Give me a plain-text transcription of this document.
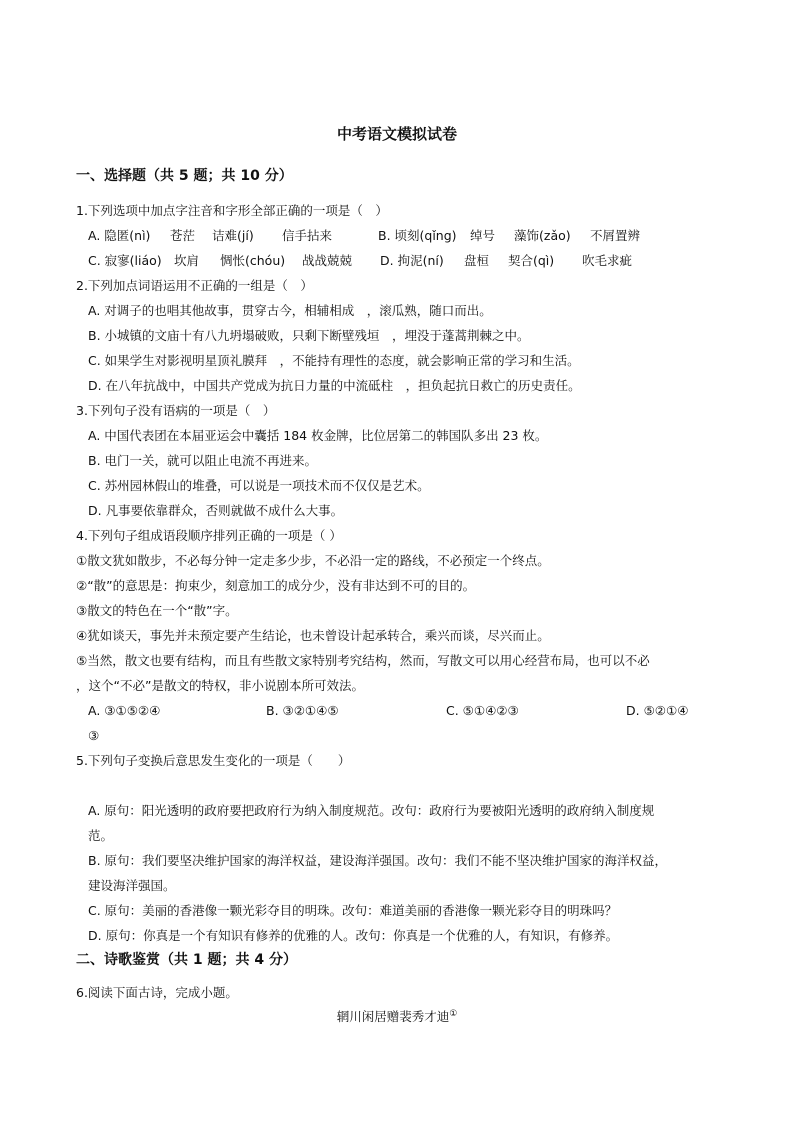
中考语文模拟试卷
一、选择题（共 5 题；共 10 分）
1.下列选项中加点字注音和字形全部正确的一项是（　）
A. 隐匿(nì) 苍茫 诘难(jí) 信手拈来	B. 顷刻(qǐng) 绰号 藻饰(zǎo) 不屑置辨
C. 寂寥(liáo) 坎肩 惆怅(chóu) 战战兢兢 D. 拘泥(ní) 盘桓 契合(qì) 吹毛求疵
2.下列加点词语运用不正确的一组是（　）
A. 对调子的也唱其他故事，贯穿古今，相辅相成　，滚瓜熟，随口而出。
B. 小城镇的文庙十有八九坍塌破败，只剩下断壁残垣　，埋没于蓬蒿荆棘之中。
C. 如果学生对影视明星顶礼膜拜　，不能持有理性的态度，就会影响正常的学习和生活。
D. 在八年抗战中，中国共产党成为抗日力量的中流砥柱　，担负起抗日救亡的历史责任。
3.下列句子没有语病的一项是（　）
A. 中国代表团在本届亚运会中囊括 184 枚金牌，比位居第二的韩国队多出 23 枚。
B. 电门一关，就可以阻止电流不再进来。
C. 苏州园林假山的堆叠，可以说是一项技术而不仅仅是艺术。
D. 凡事要依靠群众，否则就做不成什么大事。
4.下列句子组成语段顺序排列正确的一项是（ ）
①散文犹如散步，不必每分钟一定走多少步，不必沿一定的路线，不必预定一个终点。
②“散”的意思是：拘束少，刻意加工的成分少，没有非达到不可的目的。
③散文的特色在一个“散”字。
④犹如谈天，事先并未预定要产生结论，也未曾设计起承转合，乘兴而谈，尽兴而止。
⑤当然，散文也要有结构，而且有些散文家特别考究结构，然而，写散文可以用心经营布局，也可以不必
，这个“不必”是散文的特权，非小说剧本所可效法。
A. ③①⑤②④	B. ③②①④⑤	C. ⑤①④②③	D. ⑤②①④
③
5.下列句子变换后意思发生变化的一项是（　　）
A. 原句：阳光透明的政府要把政府行为纳入制度规范。改句：政府行为要被阳光透明的政府纳入制度规
范。
B. 原句：我们要坚决维护国家的海洋权益，建设海洋强国。改句：我们不能不坚决维护国家的海洋权益，
建设海洋强国。
C. 原句：美丽的香港像一颗光彩夺目的明珠。改句：难道美丽的香港像一颗光彩夺目的明珠吗？
D. 原句：你真是一个有知识有修养的优雅的人。改句：你真是一个优雅的人，有知识，有修养。
二、诗歌鉴赏（共 1 题；共 4 分）
6.阅读下面古诗，完成小题。
辋川闲居赠裴秀才迪①
